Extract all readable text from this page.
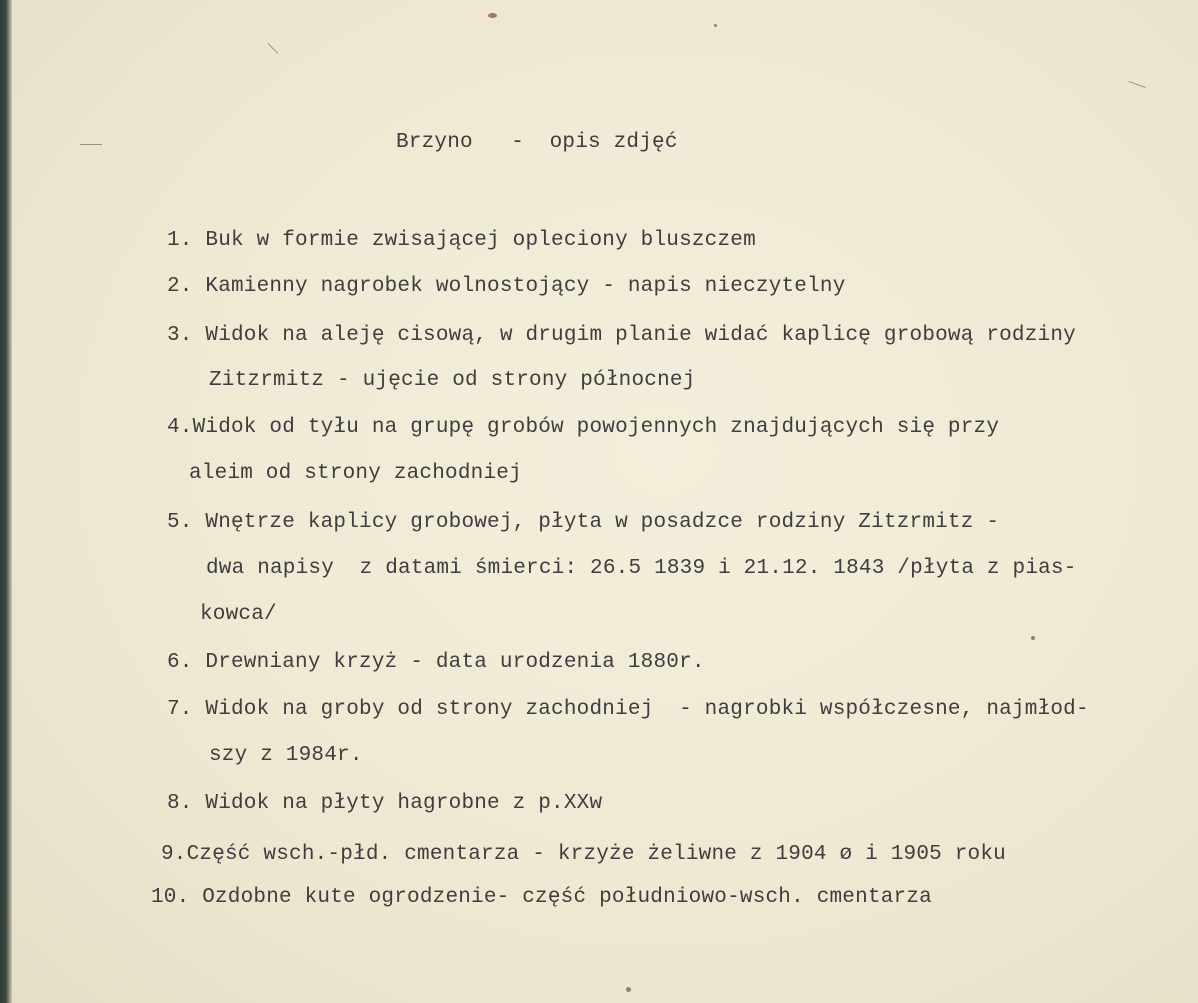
Brzyno   -  opis zdjęć
1. Buk w formie zwisającej opleciony bluszczem
2. Kamienny nagrobek wolnostojący - napis nieczytelny
3. Widok na aleję cisową, w drugim planie widać kaplicę grobową rodziny
Zitzrmitz - ujęcie od strony północnej
4.Widok od tyłu na grupę grobów powojennych znajdujących się przy
aleim od strony zachodniej
5. Wnętrze kaplicy grobowej, płyta w posadzce rodziny Zitzrmitz -
dwa napisy  z datami śmierci: 26.5 1839 i 21.12. 1843 /płyta z pias-
kowca/
6. Drewniany krzyż - data urodzenia 1880r.
7. Widok na groby od strony zachodniej  - nagrobki współczesne, najmłod-
szy z 1984r.
8. Widok na płyty hagrobne z p.XXw
9.Część wsch.-płd. cmentarza - krzyże żeliwne z 1904 ø i 1905 roku
10. Ozdobne kute ogrodzenie- część południowo-wsch. cmentarza
